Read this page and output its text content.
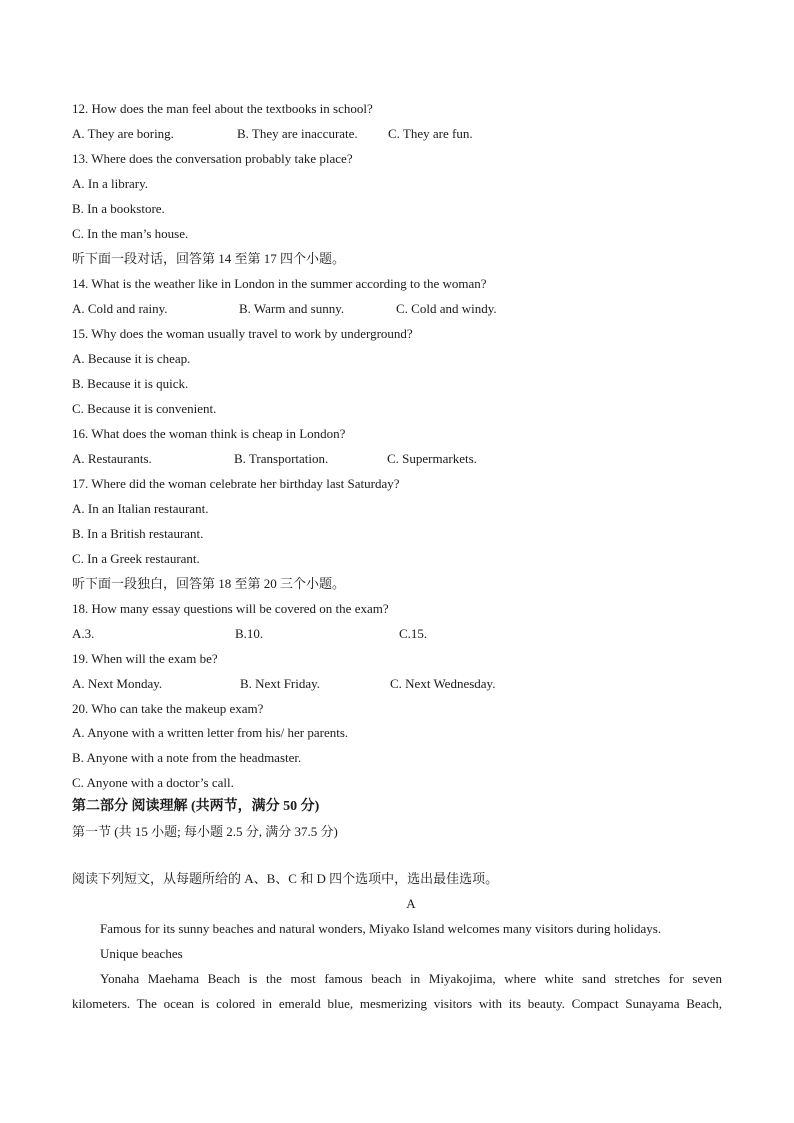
12. How does the man feel about the textbooks in school?
A. They are boring.	B. They are inaccurate. C. They are fun.
13. Where does the conversation probably take place?
A. In a library.
B. In a bookstore.
C. In the man’s house.
听下面一段对话，回答第 14 至第 17 四个小题。
14. What is the weather like in London in the summer according to the woman?
A. Cold and rainy.	B. Warm and sunny.	C. Cold and windy.
15. Why does the woman usually travel to work by underground?
A. Because it is cheap.
B. Because it is quick.
C. Because it is convenient.
16. What does the woman think is cheap in London?
A. Restaurants.	B. Transportation.	C. Supermarkets.
17. Where did the woman celebrate her birthday last Saturday?
A. In an Italian restaurant.
B. In a British restaurant.
C. In a Greek restaurant.
听下面一段独白，回答第 18 至第 20 三个小题。
18. How many essay questions will be covered on the exam?
A.3.	B.10.	C.15.
19. When will the exam be?
A. Next Monday.	B. Next Friday.	C. Next Wednesday.
20. Who can take the makeup exam?
A. Anyone with a written letter from his/ her parents.
B. Anyone with a note from the headmaster.
C. Anyone with a doctor’s call.
第二部分 阅读理解 (共两节，满分 50 分)
第一节 (共 15 小题; 每小题 2.5 分, 满分 37.5 分)
阅读下列短文，从每题所给的 A、B、C 和 D 四个选项中，选出最佳选项。
A
Famous for its sunny beaches and natural wonders, Miyako Island welcomes many visitors during holidays.
Unique beaches
Yonaha Maehama Beach is the most famous beach in Miyakojima, where white sand stretches for seven
kilometers. The ocean is colored in emerald blue, mesmerizing visitors with its beauty. Compact Sunayama Beach,
